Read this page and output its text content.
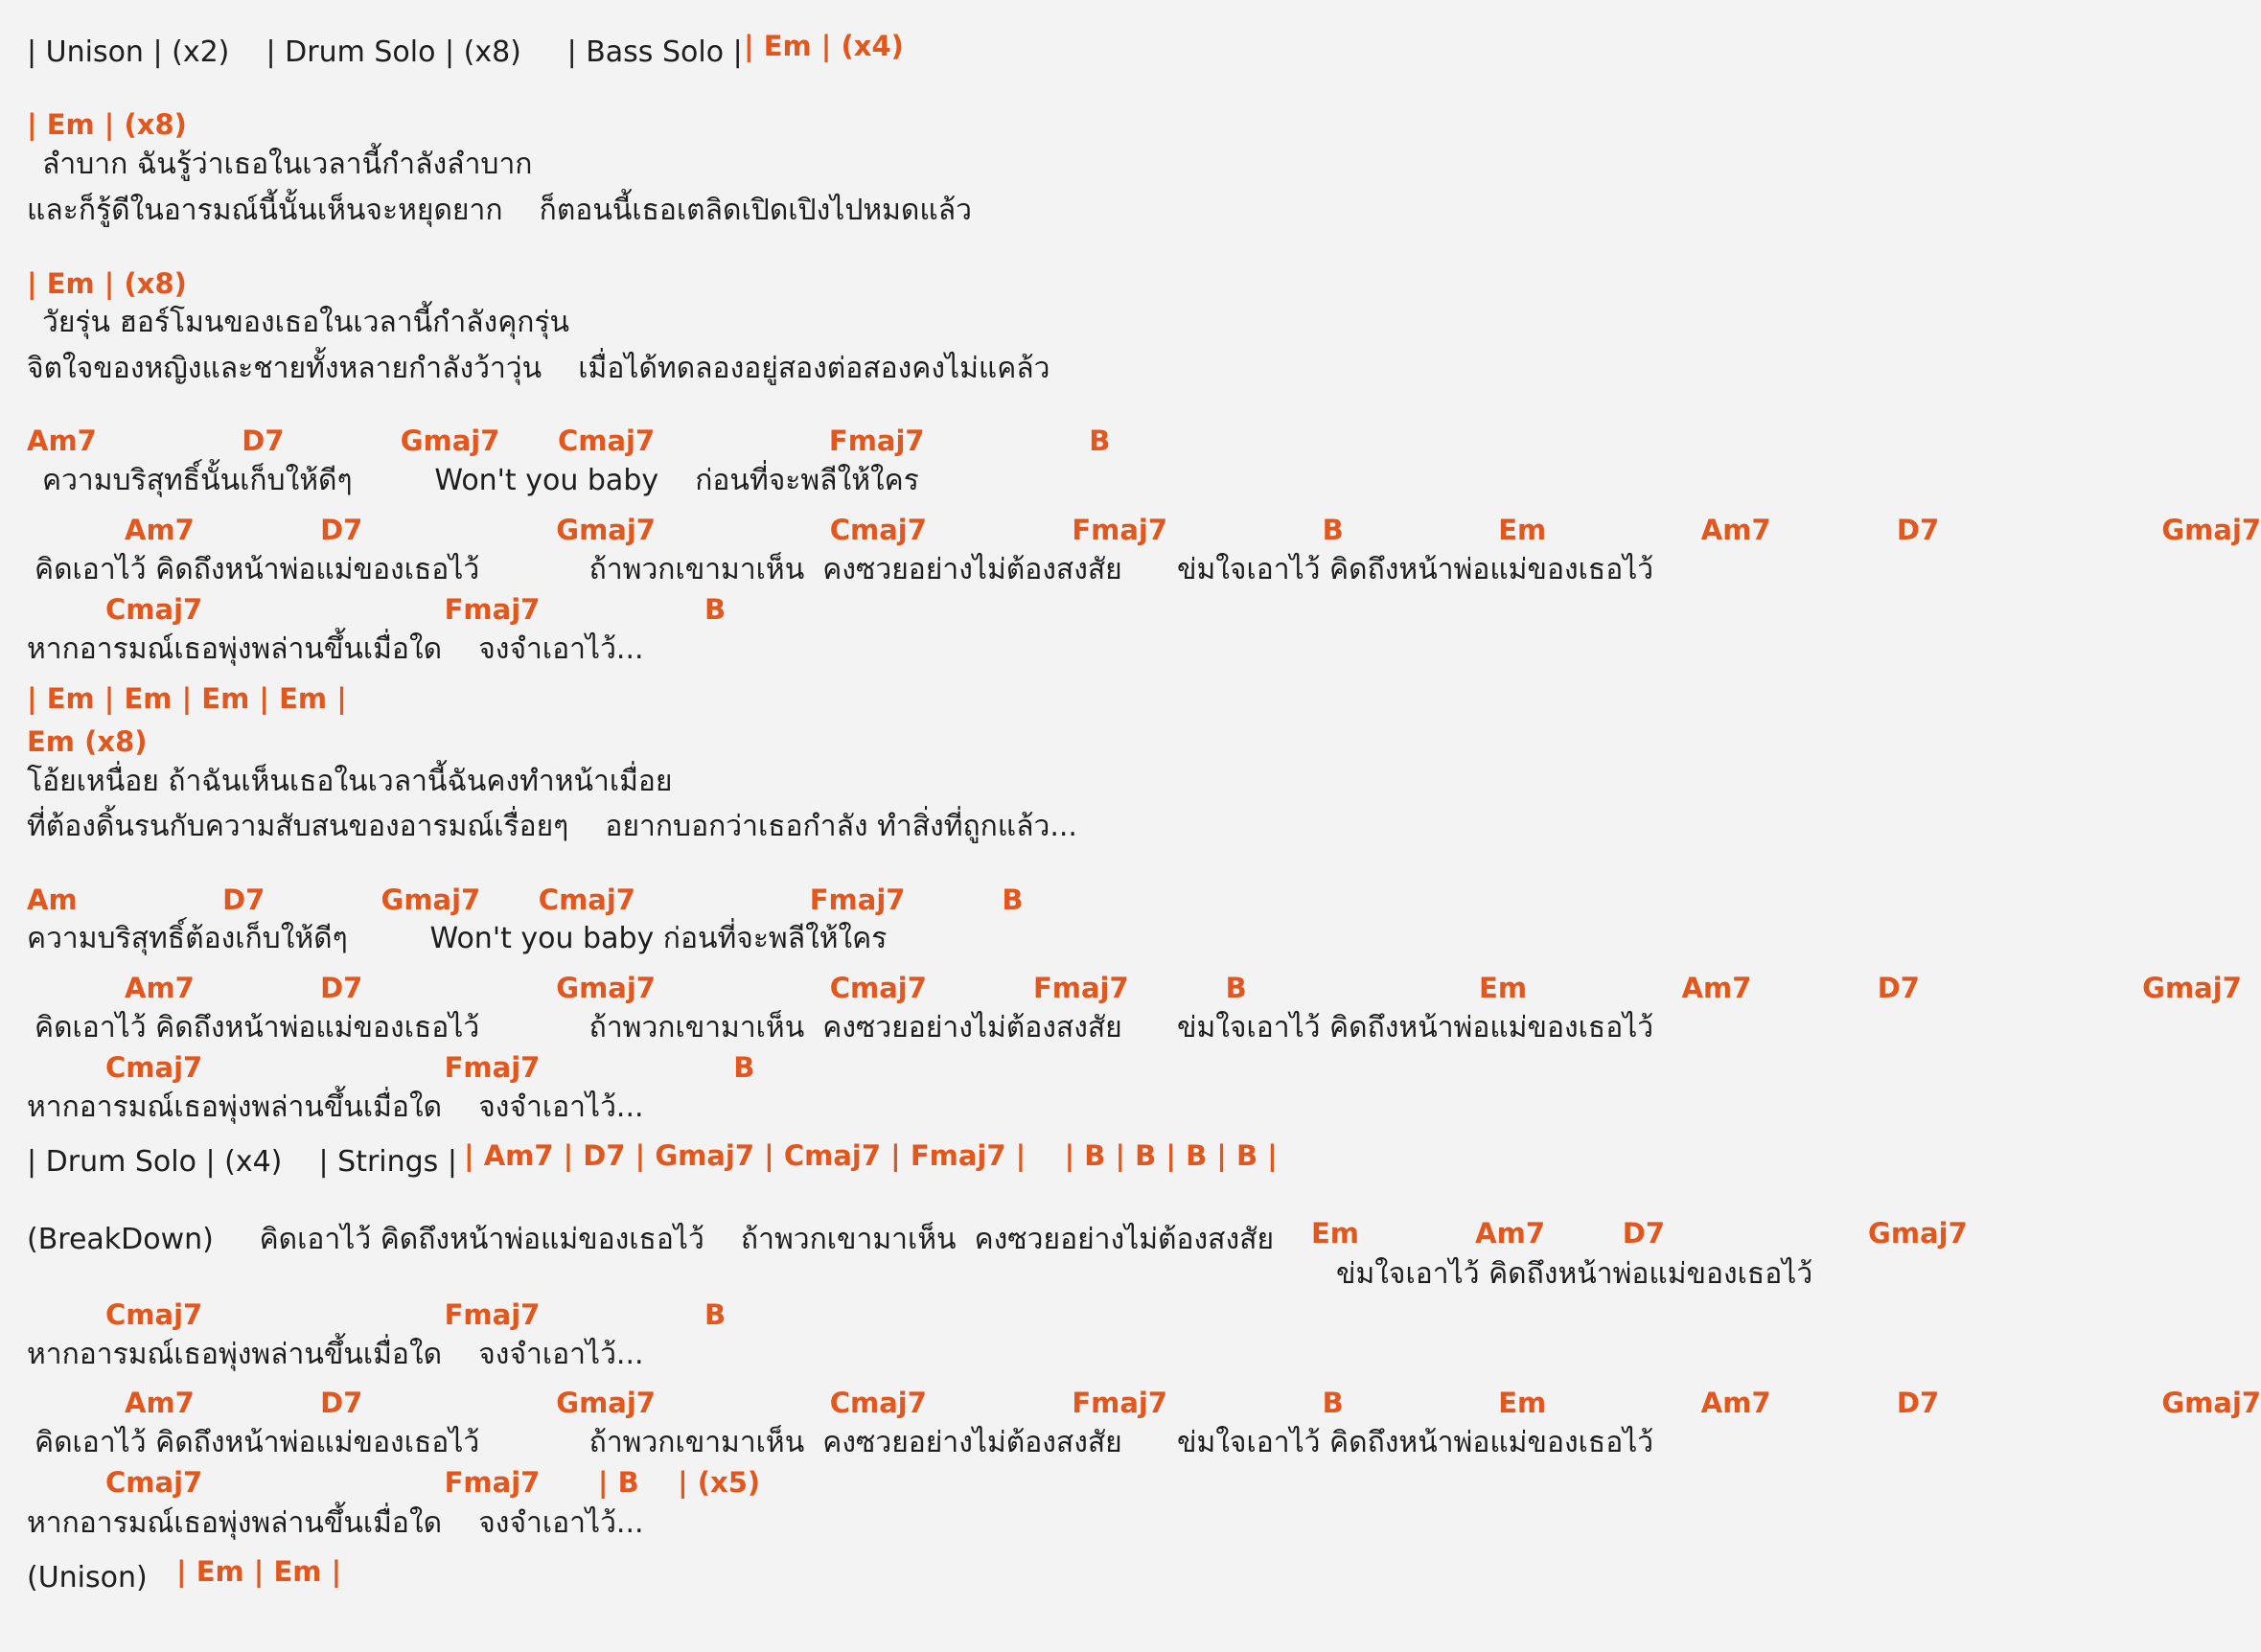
| Unison | (x2)    | Drum Solo | (x8)     | Bass Solo | | Em | (x4)

| Em | (x8)

ลำบาก ฉันรู้ว่าเธอในเวลานี้กำลังลำบาก

และก็รู้ดีในอารมณ์นี้นั้นเห็นจะหยุดยาก    ก็ตอนนี้เธอเตลิดเปิดเปิงไปหมดแล้ว

| Em | (x8)

วัยรุ่น ฮอร์โมนของเธอในเวลานี้กำลังคุกรุ่น

จิตใจของหญิงและชายทั้งหลายกำลังว้าวุ่น    เมื่อได้ทดลองอยู่สองต่อสองคงไม่แคล้ว

Am7               D7            Gmaj7      Cmaj7                  Fmaj7                 B

ความบริสุทธิ์นั้นเก็บให้ดีๆ         Won't you baby    ก่อนที่จะพลีให้ใคร

Am7             D7                    Gmaj7                  Cmaj7               Fmaj7                B                Em                Am7             D7                       Gmaj7

คิดเอาไว้ คิดถึงหน้าพ่อแม่ของเธอไว้            ถ้าพวกเขามาเห็น  คงซวยอย่างไม่ต้องสงสัย      ข่มใจเอาไว้ คิดถึงหน้าพ่อแม่ของเธอไว้

Cmaj7                         Fmaj7                 B

หากอารมณ์เธอพุ่งพล่านขึ้นเมื่อใด    จงจำเอาไว้...

| Em | Em | Em | Em |

Em (x8)

โอ้ยเหนื่อย ถ้าฉันเห็นเธอในเวลานี้ฉันคงทำหน้าเมื่อย

ที่ต้องดิ้นรนกับความสับสนของอารมณ์เรื่อยๆ    อยากบอกว่าเธอกำลัง ทำสิ่งที่ถูกแล้ว...

Am               D7            Gmaj7      Cmaj7                  Fmaj7          B

ความบริสุทธิ์ต้องเก็บให้ดีๆ         Won't you baby ก่อนที่จะพลีให้ใคร

Am7             D7                    Gmaj7                  Cmaj7           Fmaj7          B                        Em                Am7             D7                       Gmaj7

คิดเอาไว้ คิดถึงหน้าพ่อแม่ของเธอไว้            ถ้าพวกเขามาเห็น  คงซวยอย่างไม่ต้องสงสัย      ข่มใจเอาไว้ คิดถึงหน้าพ่อแม่ของเธอไว้

Cmaj7                         Fmaj7                    B

หากอารมณ์เธอพุ่งพล่านขึ้นเมื่อใด    จงจำเอาไว้...

| Drum Solo | (x4)    | Strings | | Am7 | D7 | Gmaj7 | Cmaj7 | Fmaj7 |    | B | B | B | B |

(BreakDown)     คิดเอาไว้ คิดถึงหน้าพ่อแม่ของเธอไว้    ถ้าพวกเขามาเห็น  คงซวยอย่างไม่ต้องสงสัย Em            Am7        D7                     Gmaj7

ข่มใจเอาไว้ คิดถึงหน้าพ่อแม่ของเธอไว้

Cmaj7                         Fmaj7                 B

หากอารมณ์เธอพุ่งพล่านขึ้นเมื่อใด    จงจำเอาไว้...

Am7             D7                    Gmaj7                  Cmaj7               Fmaj7                B                Em                Am7             D7                       Gmaj7

คิดเอาไว้ คิดถึงหน้าพ่อแม่ของเธอไว้            ถ้าพวกเขามาเห็น  คงซวยอย่างไม่ต้องสงสัย      ข่มใจเอาไว้ คิดถึงหน้าพ่อแม่ของเธอไว้

Cmaj7                         Fmaj7      | B    | (x5)

หากอารมณ์เธอพุ่งพล่านขึ้นเมื่อใด    จงจำเอาไว้...

(Unison) | Em | Em |
